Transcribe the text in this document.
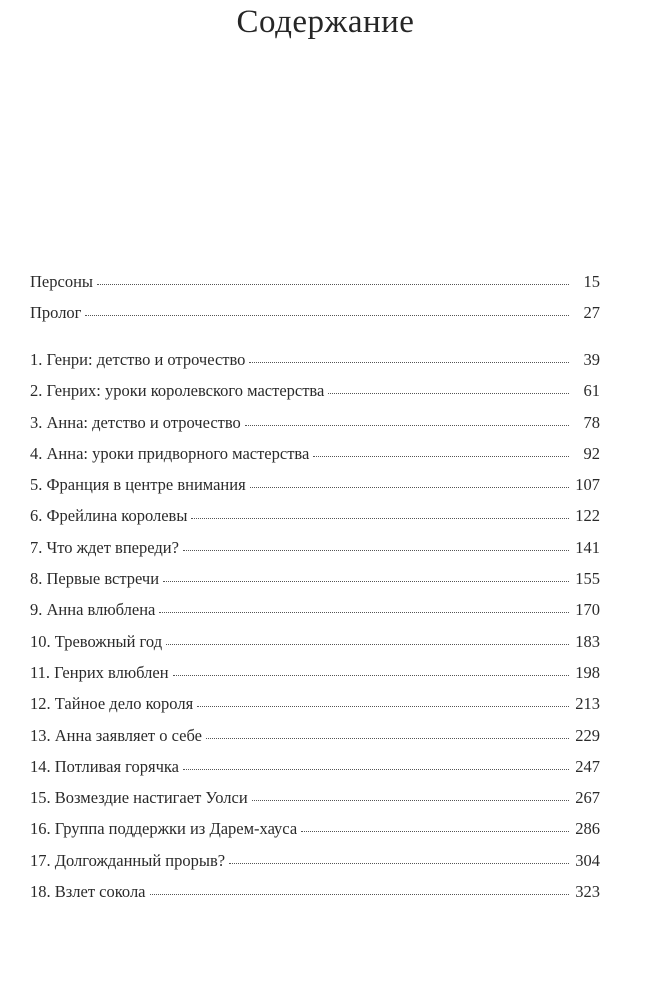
Содержание
Персоны	15
Пролог	27
1. Генри: детство и отрочество	39
2. Генрих: уроки королевского мастерства	61
3. Анна: детство и отрочество	78
4. Анна: уроки придворного мастерства	92
5. Франция в центре внимания	107
6. Фрейлина королевы	122
7. Что ждет впереди?	141
8. Первые встречи	155
9. Анна влюблена	170
10. Тревожный год	183
11. Генрих влюблен	198
12. Тайное дело короля	213
13. Анна заявляет о себе	229
14. Потливая горячка	247
15. Возмездие настигает Уолси	267
16. Группа поддержки из Дарем-хауса	286
17. Долгожданный прорыв?	304
18. Взлет сокола	323
